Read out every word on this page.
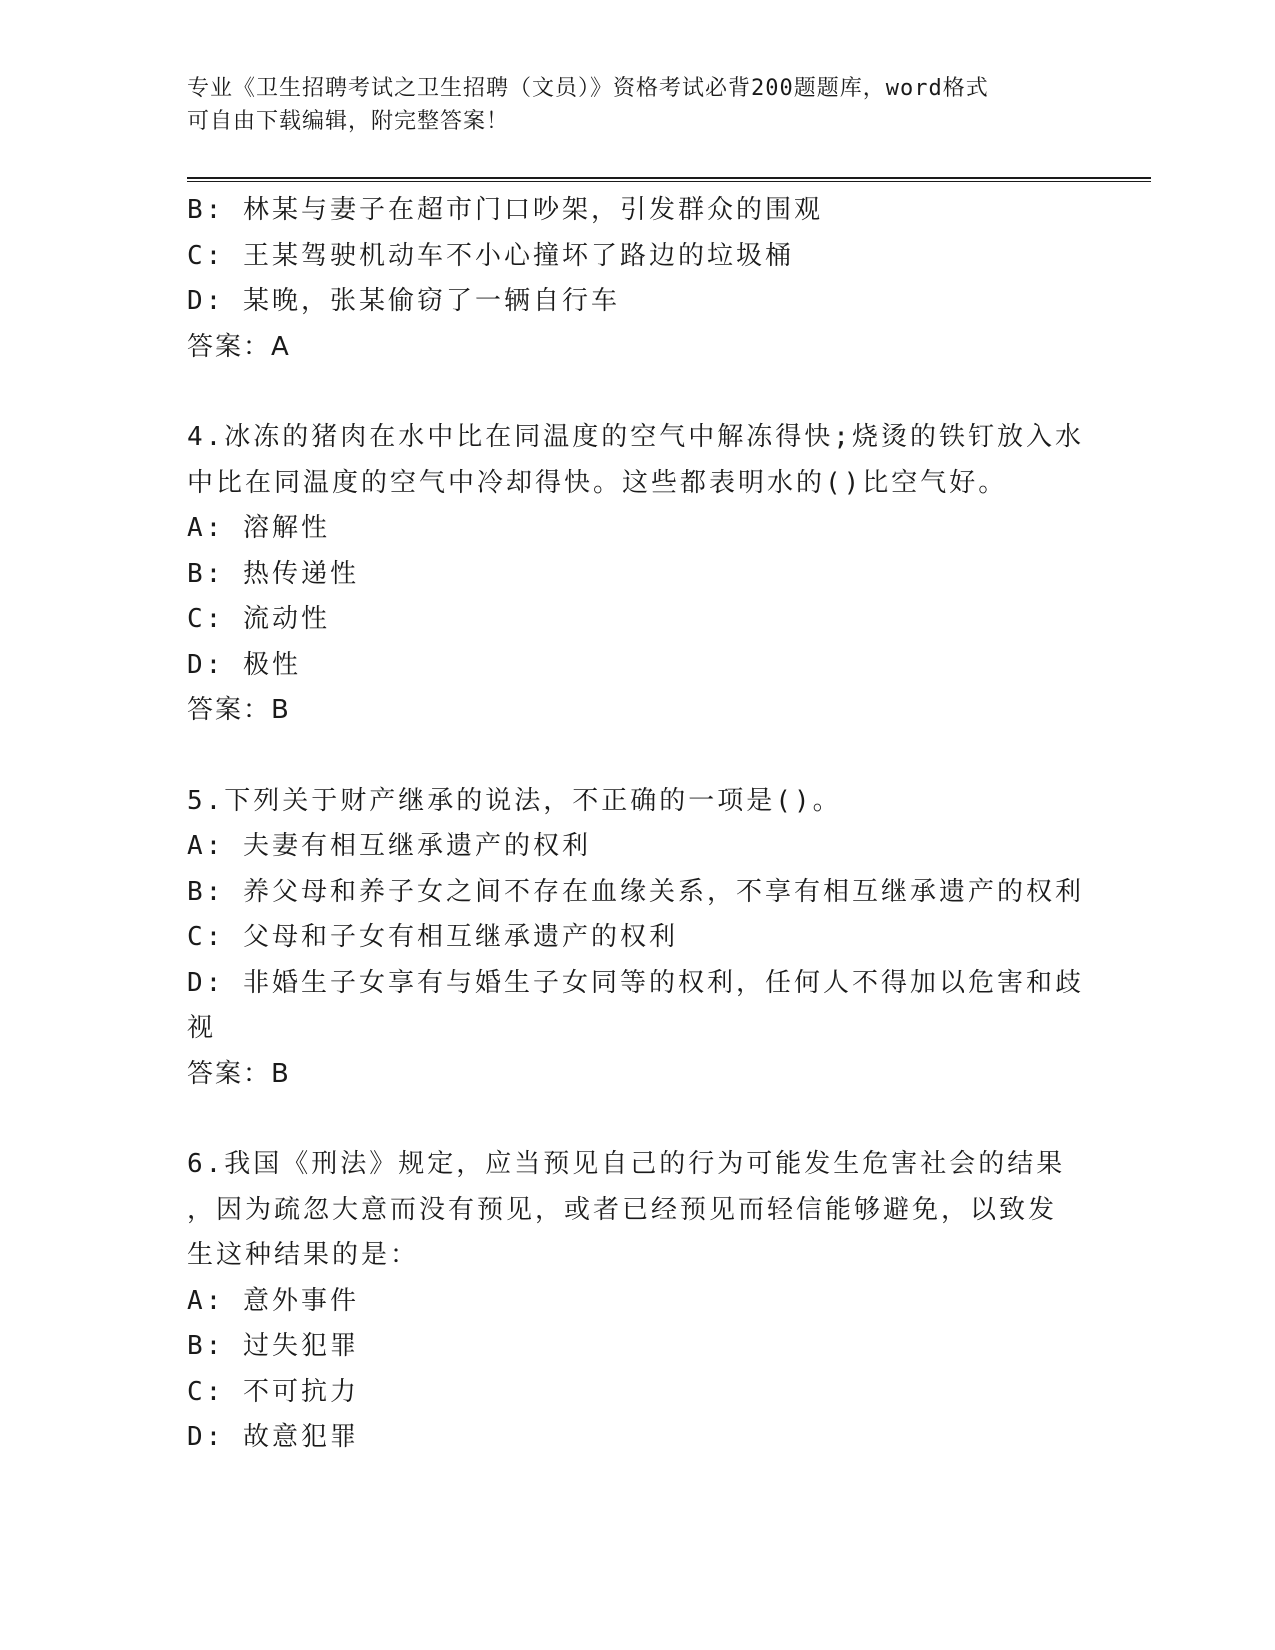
专业《卫生招聘考试之卫生招聘（文员）》资格考试必背200题题库，word格式
可自由下载编辑，附完整答案！
B: 林某与妻子在超市门口吵架，引发群众的围观
C: 王某驾驶机动车不小心撞坏了路边的垃圾桶
D: 某晚，张某偷窃了一辆自行车
答案：A
4.冰冻的猪肉在水中比在同温度的空气中解冻得快;烧烫的铁钉放入水
中比在同温度的空气中冷却得快。这些都表明水的()比空气好。
A: 溶解性
B: 热传递性
C: 流动性
D: 极性
答案：B
5.下列关于财产继承的说法，不正确的一项是()。
A: 夫妻有相互继承遗产的权利
B: 养父母和养子女之间不存在血缘关系，不享有相互继承遗产的权利
C: 父母和子女有相互继承遗产的权利
D: 非婚生子女享有与婚生子女同等的权利，任何人不得加以危害和歧
视
答案：B
6.我国《刑法》规定，应当预见自己的行为可能发生危害社会的结果
，因为疏忽大意而没有预见，或者已经预见而轻信能够避免，以致发
生这种结果的是：
A: 意外事件
B: 过失犯罪
C: 不可抗力
D: 故意犯罪
